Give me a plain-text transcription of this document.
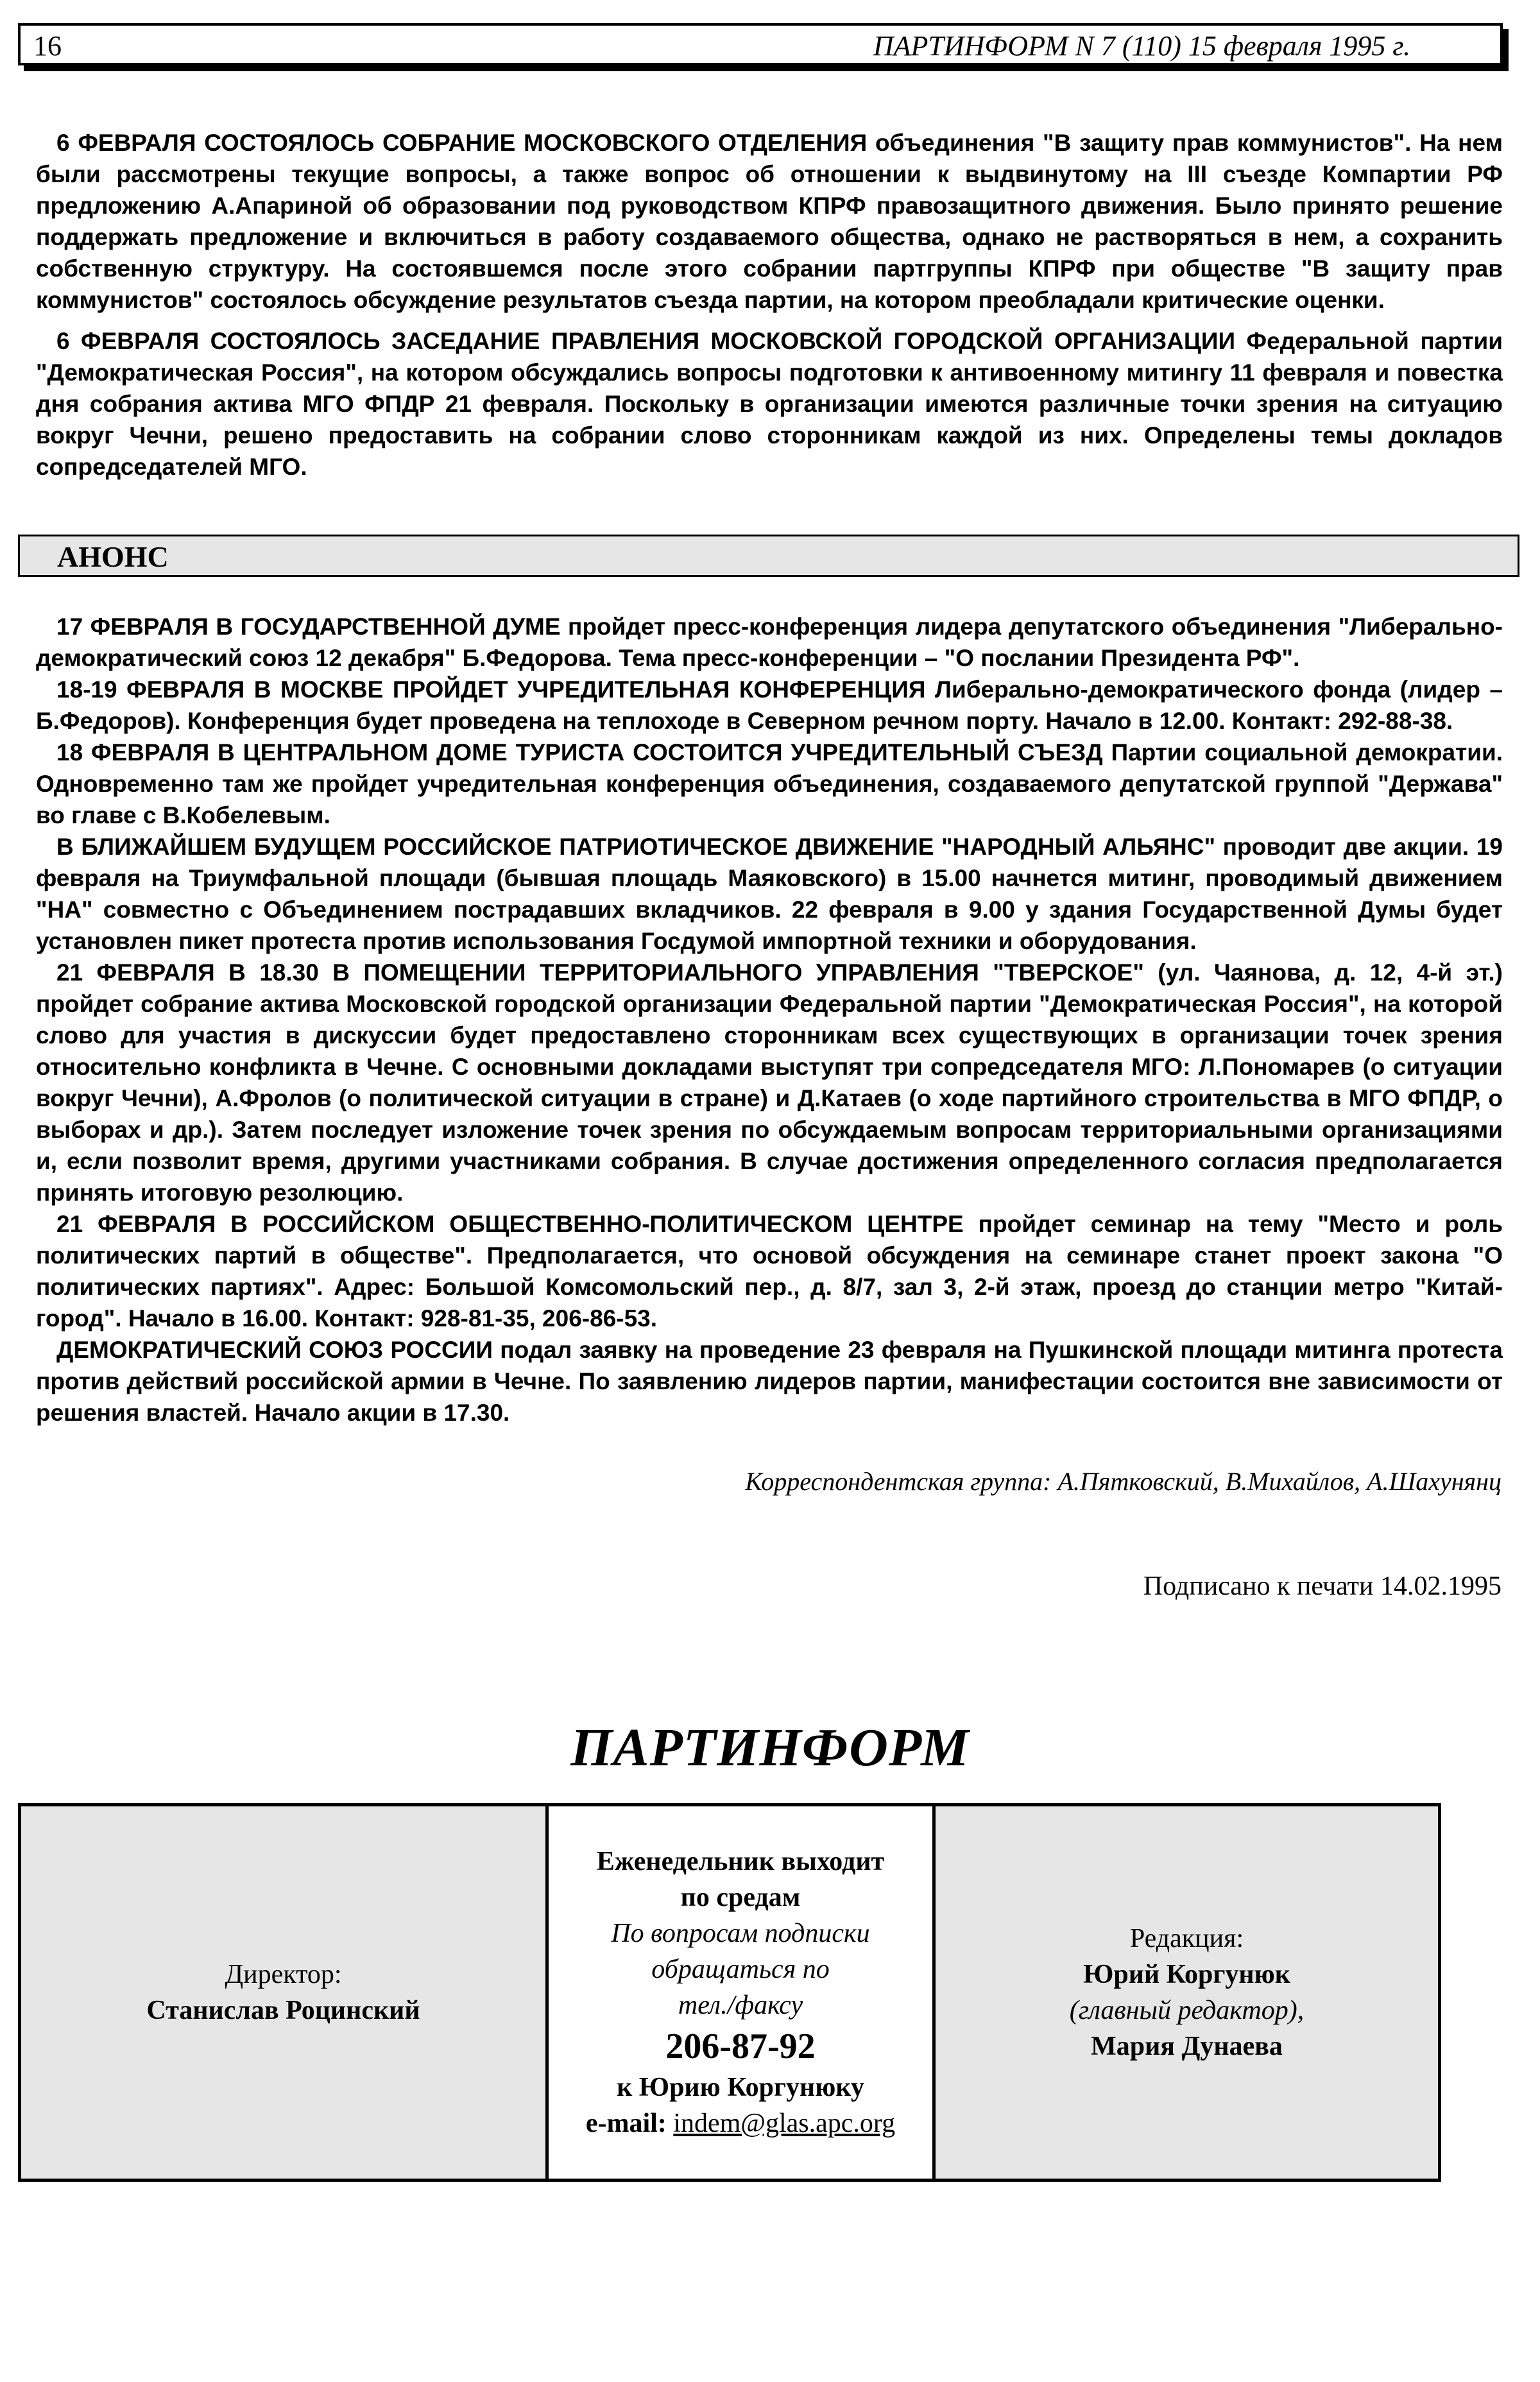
16	ПАРТИНФОРМ N 7 (110) 15 февраля 1995 г.

6 ФЕВРАЛЯ СОСТОЯЛОСЬ СОБРАНИЕ МОСКОВСКОГО ОТДЕЛЕНИЯ объединения "В защиту прав коммунистов". На нем были рассмотрены текущие вопросы, а также вопрос об отношении к выдвинутому на III съезде Компартии РФ предложению А.Апариной об образовании под руководством КПРФ правозащитного движения. Было принято решение поддержать предложение и включиться в работу создаваемого общества, однако не растворяться в нем, а сохранить собственную структуру. На состоявшемся после этого собрании партгруппы КПРФ при обществе "В защиту прав коммунистов" состоялось обсуждение результатов съезда партии, на котором преобладали критические оценки.

6 ФЕВРАЛЯ СОСТОЯЛОСЬ ЗАСЕДАНИЕ ПРАВЛЕНИЯ МОСКОВСКОЙ ГОРОДСКОЙ ОРГАНИЗАЦИИ Федеральной партии "Демократическая Россия", на котором обсуждались вопросы подготовки к антивоенному митингу 11 февраля и повестка дня собрания актива МГО ФПДР 21 февраля. Поскольку в организации имеются различные точки зрения на ситуацию вокруг Чечни, решено предоставить на собрании слово сторонникам каждой из них. Определены темы докладов сопредседателей МГО.

АНОНС

17 ФЕВРАЛЯ В ГОСУДАРСТВЕННОЙ ДУМЕ пройдет пресс-конференция лидера депутатского объединения "Либерально-демократический союз 12 декабря" Б.Федорова. Тема пресс-конференции – "О послании Президента РФ".

18-19 ФЕВРАЛЯ В МОСКВЕ ПРОЙДЕТ УЧРЕДИТЕЛЬНАЯ КОНФЕРЕНЦИЯ Либерально-демократического фонда (лидер – Б.Федоров). Конференция будет проведена на теплоходе в Северном речном порту. Начало в 12.00. Контакт: 292-88-38.

18 ФЕВРАЛЯ В ЦЕНТРАЛЬНОМ ДОМЕ ТУРИСТА СОСТОИТСЯ УЧРЕДИТЕЛЬНЫЙ СЪЕЗД Партии социальной демократии. Одновременно там же пройдет учредительная конференция объединения, создаваемого депутатской группой "Держава" во главе с В.Кобелевым.

В БЛИЖАЙШЕМ БУДУЩЕМ РОССИЙСКОЕ ПАТРИОТИЧЕСКОЕ ДВИЖЕНИЕ "НАРОДНЫЙ АЛЬЯНС" проводит две акции. 19 февраля на Триумфальной площади (бывшая площадь Маяковского) в 15.00 начнется митинг, проводимый движением "НА" совместно с Объединением пострадавших вкладчиков. 22 февраля в 9.00 у здания Государственной Думы будет установлен пикет протеста против использования Госдумой импортной техники и оборудования.

21 ФЕВРАЛЯ В 18.30 В ПОМЕЩЕНИИ ТЕРРИТОРИАЛЬНОГО УПРАВЛЕНИЯ "ТВЕРСКОЕ" (ул. Чаянова, д. 12, 4-й эт.) пройдет собрание актива Московской городской организации Федеральной партии "Демократическая Россия", на которой слово для участия в дискуссии будет предоставлено сторонникам всех существующих в организации точек зрения относительно конфликта в Чечне. С основными докладами выступят три сопредседателя МГО: Л.Пономарев (о ситуации вокруг Чечни), А.Фролов (о политической ситуации в стране) и Д.Катаев (о ходе партийного строительства в МГО ФПДР, о выборах и др.). Затем последует изложение точек зрения по обсуждаемым вопросам территориальными организациями и, если позволит время, другими участниками собрания. В случае достижения определенного согласия предполагается принять итоговую резолюцию.

21 ФЕВРАЛЯ В РОССИЙСКОМ ОБЩЕСТВЕННО-ПОЛИТИЧЕСКОМ ЦЕНТРЕ пройдет семинар на тему "Место и роль политических партий в обществе". Предполагается, что основой обсуждения на семинаре станет проект закона "О политических партиях". Адрес: Большой Комсомольский пер., д. 8/7, зал 3, 2-й этаж, проезд до станции метро "Китай-город". Начало в 16.00. Контакт: 928-81-35, 206-86-53.

ДЕМОКРАТИЧЕСКИЙ СОЮЗ РОССИИ подал заявку на проведение 23 февраля на Пушкинской площади митинга протеста против действий российской армии в Чечне. По заявлению лидеров партии, манифестации состоится вне зависимости от решения властей. Начало акции в 17.30.

Корреспондентская группа: А.Пятковский, В.Михайлов, А.Шахунянц
Подписано к печати 14.02.1995
ПАРТИНФОРМ
Директор:
Станислав Роцинский
Еженедельник выходит
по средам
По вопросам подписки
обращаться по
тел./факсу
206-87-92
к Юрию Коргунюку
e-mail: indem@glas.apc.org
Редакция:
Юрий Коргунюк
(главный редактор),
Мария Дунаева
